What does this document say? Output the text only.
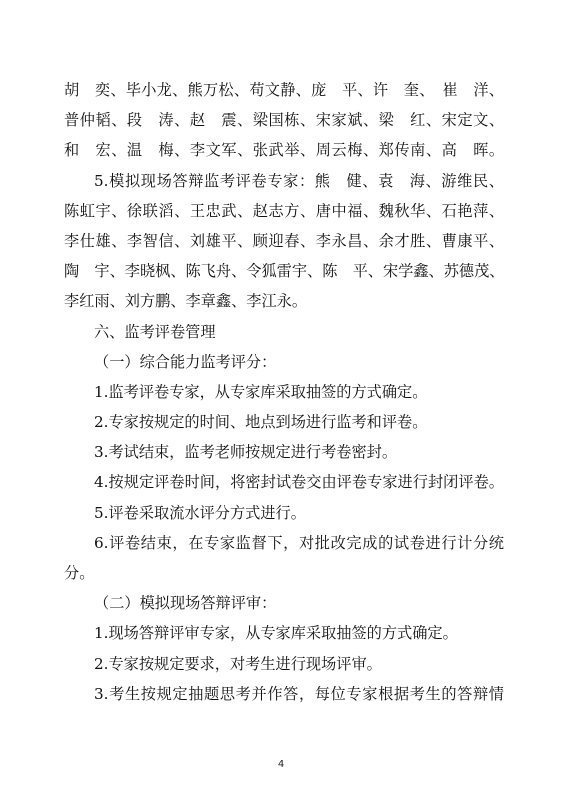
胡　奕、毕小龙、熊万松、苟文静、庞　平、许　奎、　崔　洋、
普仲韬、段　涛、赵　震、梁国栋、宋家斌、梁　红、宋定文、
和　宏、温　梅、李文军、张武举、周云梅、郑传南、高　晖。
5.模拟现场答辩监考评卷专家：熊　健、袁　海、游维民、
陈虹宇、徐联滔、王忠武、赵志方、唐中福、魏秋华、石艳萍、
李仕雄、李智信、刘雄平、顾迎春、李永昌、余才胜、曹康平、
陶　宇、李晓枫、陈飞舟、令狐雷宇、陈　平、宋学鑫、苏德茂、
李红雨、刘方鹏、李章鑫、李江永。
六、监考评卷管理
（一）综合能力监考评分：
1.监考评卷专家，从专家库采取抽签的方式确定。
2.专家按规定的时间、地点到场进行监考和评卷。
3.考试结束，监考老师按规定进行考卷密封。
4.按规定评卷时间，将密封试卷交由评卷专家进行封闭评卷。
5.评卷采取流水评分方式进行。
6.评卷结束，在专家监督下，对批改完成的试卷进行计分统
分。
（二）模拟现场答辩评审：
1.现场答辩评审专家，从专家库采取抽签的方式确定。
2.专家按规定要求，对考生进行现场评审。
3.考生按规定抽题思考并作答，每位专家根据考生的答辩情
4
